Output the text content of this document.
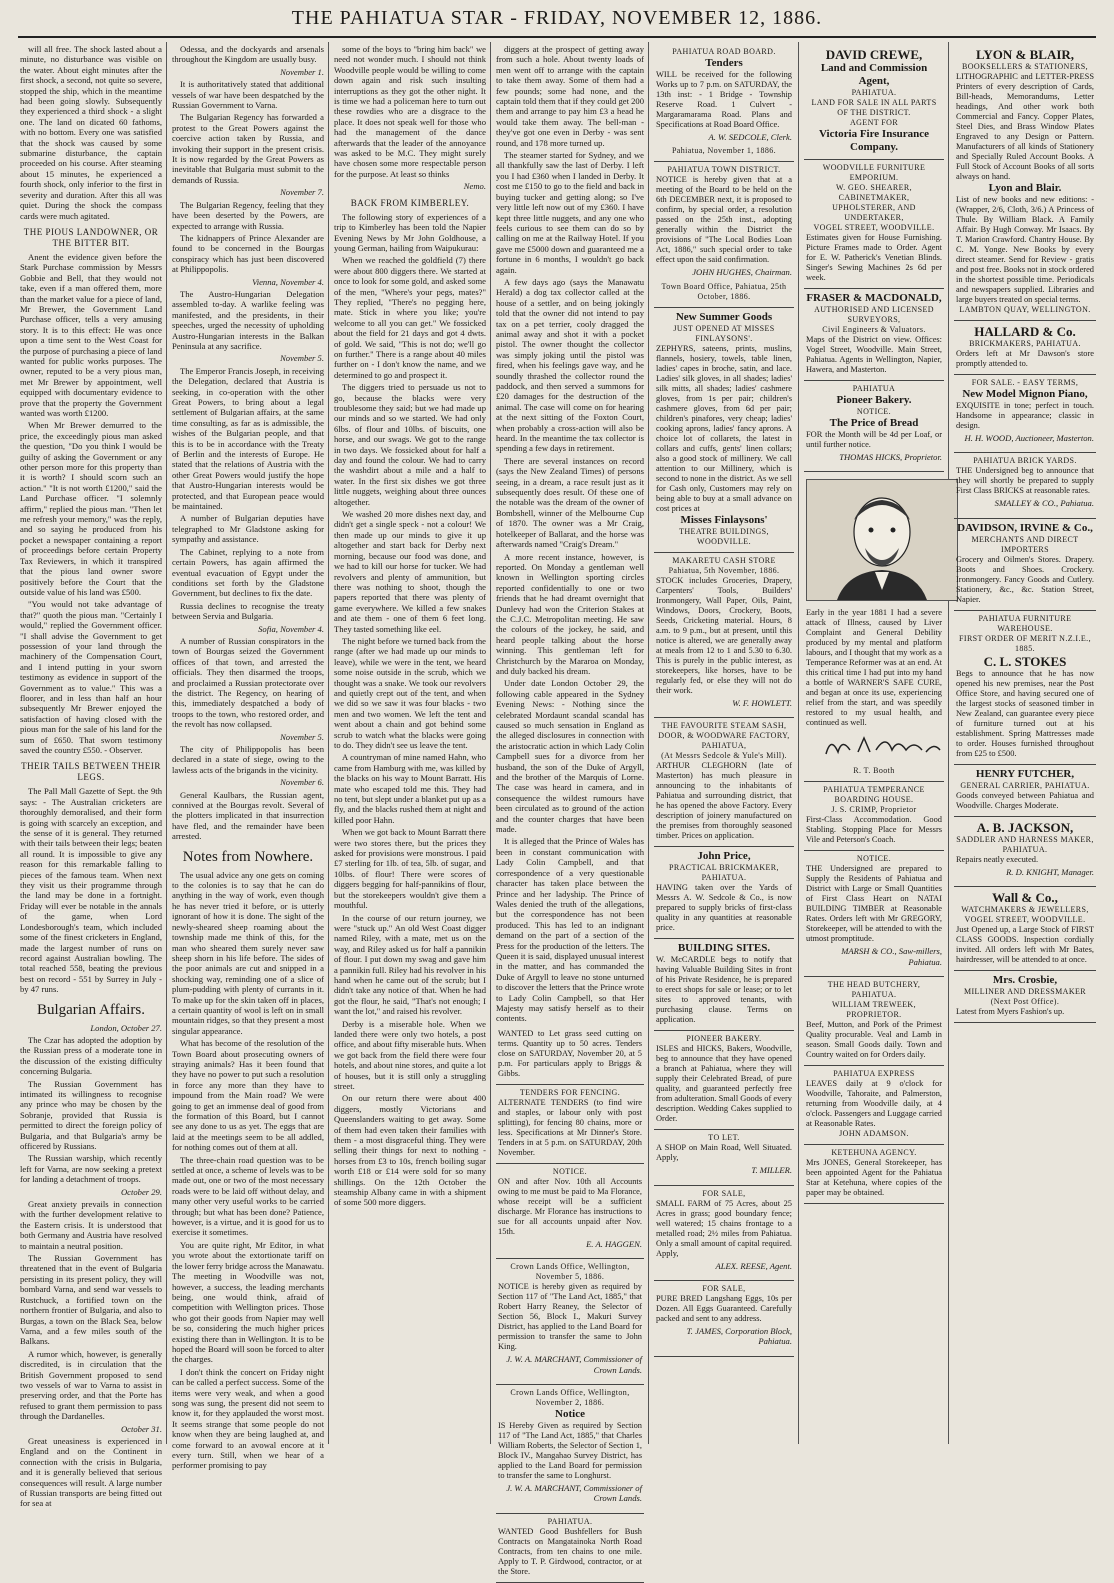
THE PAHIATUA STAR - FRIDAY, NOVEMBER 12, 1886.

will all free. The shock lasted about a minute, no disturbance was visible on the water. About eight minutes after the first shock, a second, not quite so severe, stopped the ship, which in the meantime had been going slowly. Subsequently they experienced a third shock - a slight one. The land on dicated 60 fathoms, with no bottom. Every one was satisfied that the shock was caused by some submarine disturbance, the captain proceeded on his course. After steaming about 15 minutes, he experienced a fourth shock, only inferior to the first in severity and duration. After this all was quiet. During the shock the compass cards were much agitated.

THE PIOUS LANDOWNER, OR THE BITTER BIT.

Anent the evidence given before the Stark Purchase commission by Messrs Gobbie and Bell, that they would not take, even if a man offered them, more than the market value for a piece of land, Mr Brewer, the Government Land Purchase officer, tells a very amusing story. It is to this effect: He was once upon a time sent to the West Coast for the purpose of purchasing a piece of land wanted for public works purposes. The owner, reputed to be a very pious man, met Mr Brewer by appointment, well equipped with documentary evidence to prove that the property the Government wanted was worth £1200.

When Mr Brewer demurred to the price, the exceedingly pious man asked the question, "Do you think I would be guilty of asking the Government or any other person more for this property than it is worth? I should scorn such an action." "It is not worth £1200," said the Land Purchase officer. "I solemnly affirm," replied the pious man. "Then let me refresh your memory," was the reply, and so saying he produced from his pocket a newspaper containing a report of proceedings before certain Property Tax Reviewers, in which it transpired that the pious land owner swore positively before the Court that the outside value of his land was £500.

"You would not take advantage of that?" quoth the pious man. "Certainly I would," replied the Government officer. "I shall advise the Government to get possession of your land through the machinery of the Compensation Court, and I intend putting in your sworn testimony as evidence in support of the Government as to value." This was a floorer, and in less than half an hour subsequently Mr Brewer enjoyed the satisfaction of having closed with the pious man for the sale of his land for the sum of £650. That sworn testimony saved the country £550. - Observer.

THEIR TAILS BETWEEN THEIR LEGS.

The Pall Mall Gazette of Sept. the 9th says: - The Australian cricketers are thoroughly demoralised, and their form is going with scarcely an exception, and the sense of it is general. They returned with their tails between their legs; beaten all round. It is impossible to give any reason for this remarkable falling to pieces of the famous team. When next they visit us their programme through the land may be done in a fortnight. Friday will ever be notable in the annals of the game, when Lord Londesborough's team, which included some of the finest cricketers in England, made the largest number of runs on record against Australian bowling. The total reached 558, beating the previous best on record - 551 by Surrey in July - by 47 runs.

Bulgarian Affairs.
London, October 27.

The Czar has adopted the adoption by the Russian press of a moderate tone in the discussion of the existing difficulty concerning Bulgaria.

The Russian Government has intimated its willingness to recognise any prince who may be chosen by the Sobranje, provided that Russia is permitted to direct the foreign policy of Bulgaria, and that Bulgaria's army be officered by Russians.

The Russian warship, which recently left for Varna, are now seeking a pretext for landing a detachment of troops.

October 29.

Great anxiety prevails in connection with the further development relative to the Eastern crisis. It is understood that both Germany and Austria have resolved to maintain a neutral position.

The Russian Government has threatened that in the event of Bulgaria persisting in its present policy, they will bombard Varna, and send war vessels to Rustchuck, a fortified town on the northern frontier of Bulgaria, and also to Burgas, a town on the Black Sea, below Varna, and a few miles south of the Balkans.

A rumor which, however, is generally discredited, is in circulation that the British Government proposed to send two vessels of war to Varna to assist in preserving order, and that the Porte has refused to grant them permission to pass through the Dardanelles.

October 31.

Great uneasiness is experienced in England and on the Continent in connection with the crisis in Bulgaria, and it is generally believed that serious consequences will result. A large number of Russian transports are being fitted out for sea at

Odessa, and the dockyards and arsenals throughout the Kingdom are usually busy.

November 1.

It is authoritatively stated that additional vessels of war have been despatched by the Russian Government to Varna.

The Bulgarian Regency has forwarded a protest to the Great Powers against the coercive action taken by Russia, and invoking their support in the present crisis. It is now regarded by the Great Powers as inevitable that Bulgaria must submit to the demands of Russia.

November 7.

The Bulgarian Regency, feeling that they have been deserted by the Powers, are expected to arrange with Russia.

The kidnappers of Prince Alexander are found to be concerned in the Bourgas conspiracy which has just been discovered at Philippopolis.

Vienna, November 4.

The Austro-Hungarian Delegation assembled to-day. A warlike feeling was manifested, and the presidents, in their speeches, urged the necessity of upholding Austro-Hungarian interests in the Balkan Peninsula at any sacrifice.

November 5.

The Emperor Francis Joseph, in receiving the Delegation, declared that Austria is seeking, in co-operation with the other Great Powers, to bring about a legal settlement of Bulgarian affairs, at the same time consulting, as far as is admissible, the wishes of the Bulgarian people, and that this is to be in accordance with the Treaty of Berlin and the interests of Europe. He stated that the relations of Austria with the other Great Powers would justify the hope that Austro-Hungarian interests would be protected, and that European peace would be maintained.

A number of Bulgarian deputies have telegraphed to Mr Gladstone asking for sympathy and assistance.

The Cabinet, replying to a note from certain Powers, has again affirmed the eventual evacuation of Egypt under the conditions set forth by the Gladstone Government, but declines to fix the date.

Russia declines to recognise the treaty between Servia and Bulgaria.

Sofia, November 4.

A number of Russian conspirators in the town of Bourgas seized the Government offices of that town, and arrested the officials. They then disarmed the troops, and proclaimed a Russian protectorate over the district. The Regency, on hearing of this, immediately despatched a body of troops to the town, who restored order, and the revolt has now collapsed.

November 5.

The city of Philippopolis has been declared in a state of siege, owing to the lawless acts of the brigands in the vicinity.

November 6.

General Kaulbars, the Russian agent, connived at the Bourgas revolt. Several of the plotters implicated in that insurrection have fled, and the remainder have been arrested.

Notes from Nowhere.

The usual advice any one gets on coming to the colonies is to say that he can do anything in the way of work, even though he has never tried it before, or is utterly ignorant of how it is done. The sight of the newly-sheared sheep roaming about the township made me think of this, for the man who sheared them surely never saw sheep shorn in his life before. The sides of the poor animals are cut and snipped in a shocking way, reminding one of a slice of plum-pudding with plenty of currants in it. To make up for the skin taken off in places, a certain quantity of wool is left on in small mountain ridges, so that they present a most singular appearance.

What has become of the resolution of the Town Board about prosecuting owners of straying animals? Has it been found that they have no power to put such a resolution in force any more than they have to impound from the Main road? We were going to get an immense deal of good from the formation of this Board, but I cannot see any done to us as yet. The eggs that are laid at the meetings seem to be all addled, for nothing comes out of them at all.

The three-chain road question was to be settled at once, a scheme of levels was to be made out, one or two of the most necessary roads were to be laid off without delay, and many other very useful works to be carried through; but what has been done? Patience, however, is a virtue, and it is good for us to exercise it sometimes.

You are quite right, Mr Editor, in what you wrote about the extortionate tariff on the lower ferry bridge across the Manawatu. The meeting in Woodville was not, however, a success, the leading merchants being, one would think, afraid of competition with Wellington prices. Those who got their goods from Napier may well be so, considering the much higher prices existing there than in Wellington. It is to be hoped the Board will soon be forced to alter the charges.

I don't think the concert on Friday night can be called a perfect success. Some of the items were very weak, and when a good song was sung, the present did not seem to know it, for they applauded the worst most. It seems strange that some people do not know when they are being laughed at, and come forward to an avowal encore at it every turn. Still, when we hear of a performer promising to pay

some of the boys to "bring him back" we need not wonder much. I should not think Woodville people would be willing to come down again and risk such insulting interruptions as they got the other night. It is time we had a policeman here to turn out these rowdies who are a disgrace to the place. It does not speak well for those who had the management of the dance afterwards that the leader of the annoyance was asked to be M.C. They might surely have chosen some more respectable person for the purpose. At least so thinks

Nemo.
BACK FROM KIMBERLEY.

The following story of experiences of a trip to Kimberley has been told the Napier Evening News by Mr John Goldhouse, a young German, hailing from Waipukurau:

When we reached the goldfield (7) there were about 800 diggers there. We started at once to look for some gold, and asked some of the men, "Where's your pegs, mates?" They replied, "There's no pegging here, mate. Stick in where you like; you're welcome to all you can get." We fossicked about the field for 21 days and got 4 dwts. of gold. We said, "This is not do; we'll go on further." There is a range about 40 miles further on - I don't know the name, and we determined to go and prospect it.

The diggers tried to persuade us not to go, because the blacks were very troublesome they said; but we had made up our minds and so we started. We had only 6lbs. of flour and 10lbs. of biscuits, one horse, and our swags. We got to the range in two days. We fossicked about for half a day and found the colour. We had to carry the washdirt about a mile and a half to water. In the first six dishes we got three little nuggets, weighing about three ounces altogether.

We washed 20 more dishes next day, and didn't get a single speck - not a colour! We then made up our minds to give it up altogether and start back for Derby next morning, because our food was done, and we had to kill our horse for tucker. We had revolvers and plenty of ammunition, but there was nothing to shoot, though the papers reported that there was plenty of game everywhere. We killed a few snakes and ate them - one of them 6 feet long. They tasted something like eel.

The night before we turned back from the range (after we had made up our minds to leave), while we were in the tent, we heard some noise outside in the scrub, which we thought was a snake. We took our revolvers and quietly crept out of the tent, and when we did so we saw it was four blacks - two men and two women. We left the tent and went about a chain and got behind some scrub to watch what the blacks were going to do. They didn't see us leave the tent.

A countryman of mine named Hahn, who came from Hamburg with me, was killed by the blacks on his way to Mount Barratt. His mate who escaped told me this. They had no tent, but slept under a blanket put up as a fly, and the blacks rushed them at night and killed poor Hahn.

When we got back to Mount Barratt there were two stores there, but the prices they asked for provisions were monstrous. I paid £7 sterling for 1lb. of tea, 5lb. of sugar, and 10lbs. of flour! There were scores of diggers begging for half-pannikins of flour, but the storekeepers wouldn't give them a mouthful.

In the course of our return journey, we were "stuck up." An old West Coast digger named Riley, with a mate, met us on the way, and Riley asked us for half a pannikin of flour. I put down my swag and gave him a pannikin full. Riley had his revolver in his hand when he came out of the scrub; but I didn't take any notice of that. When he had got the flour, he said, "That's not enough; I want the lot," and raised his revolver.

Derby is a miserable hole. When we landed there were only two hotels, a post office, and about fifty miserable huts. When we got back from the field there were four hotels, and about nine stores, and quite a lot of houses, but it is still only a struggling street.

On our return there were about 400 diggers, mostly Victorians and Queenslanders waiting to get away. Some of them had even taken their families with them - a most disgraceful thing. They were selling their things for next to nothing - horses from £3 to 10s, french boiling sugar worth £18 or £14 were sold for so many shillings. On the 12th October the steamship Albany came in with a shipment of some 500 more diggers.

diggers at the prospect of getting away from such a hole. About twenty loads of men went off to arrange with the captain to take them away. Some of them had a few pounds; some had none, and the captain told them that if they could get 200 them and arrange to pay him £3 a head he would take them away. The bell-man - they've got one even in Derby - was sent round, and 178 more turned up.

The steamer started for Sydney, and we all thankfully saw the last of Derby. I left you I had £360 when I landed in Derby. It cost me £150 to go to the field and back in buying tucker and getting along; so I've very little left now out of my £360. I have kept three little nuggets, and any one who feels curious to see them can do so by calling on me at the Railway Hotel. If you gave me £5000 down and guaranteed me a fortune in 6 months, I wouldn't go back again.

A few days ago (says the Manawatu Herald) a dog tax collector called at the house of a settler, and on being jokingly told that the owner did not intend to pay tax on a pet terrier, cooly dragged the animal away and shot it with a pocket pistol. The owner thought the collector was simply joking until the pistol was fired, when his feelings gave way, and he soundly thrashed the collector round the paddock, and then served a summons for £20 damages for the destruction of the animal. The case will come on for hearing at the next sitting of the Foxton Court, when probably a cross-action will also be heard. In the meantime the tax collector is spending a few days in retirement.

There are several instances on record (says the New Zealand Times) of persons seeing, in a dream, a race result just as it subsequently does result. Of these one of the notable was the dream of the owner of Bombshell, winner of the Melbourne Cup of 1870. The owner was a Mr Craig, hotelkeeper of Ballarat, and the horse was afterwards named "Craig's Dream."

A more recent instance, however, is reported. On Monday a gentleman well known in Wellington sporting circles reported confidentially to one or two friends that he had dreamt overnight that Dunlevy had won the Criterion Stakes at the C.J.C. Metropolitan meeting. He saw the colours of the jockey, he said, and heard people talking about the horse winning. This gentleman left for Christchurch by the Mararoa on Monday, and duly backed his dream.

Under date London October 29, the following cable appeared in the Sydney Evening News: - Nothing since the celebrated Mordaunt scandal scandal has caused so much sensation in England as the alleged disclosures in connection with the aristocratic action in which Lady Colin Campbell sues for a divorce from her husband, the son of the Duke of Argyll, and the brother of the Marquis of Lorne. The case was heard in camera, and in consequence the wildest rumours have been circulated as to ground of the action and the counter charges that have been made.

It is alleged that the Prince of Wales has been in constant communication with Lady Colin Campbell, and that correspondence of a very questionable character has taken place between the Prince and her ladyship. The Prince of Wales denied the truth of the allegations, but the correspondence has not been produced. This has led to an indignant demand on the part of a section of the Press for the production of the letters. The Queen it is said, displayed unusual interest in the matter, and has commanded the Duke of Argyll to leave no stone unturned to discover the letters that the Prince wrote to Lady Colin Campbell, so that Her Majesty may satisfy herself as to their contents.

WANTED to Let grass seed cutting on terms. Quantity up to 50 acres. Tenders close on SATURDAY, November 20, at 5 p.m. For particulars apply to Briggs & Gibbs.
TENDERS FOR FENCING.
ALTERNATE TENDERS (to find wire and staples, or labour only with post splitting), for fencing 80 chains, more or less. Specifications at Mr Dinner's Store. Tenders in at 5 p.m. on SATURDAY, 20th November.
NOTICE.
ON and after Nov. 10th all Accounts owing to me must be paid to Ma Florance, whose receipt will be a sufficient discharge. Mr Florance has instructions to sue for all accounts unpaid after Nov. 15th.
E. A. HAGGEN.
Crown Lands Office, Wellington, November 5, 1886.
NOTICE is hereby given as required by Section 117 of "The Land Act, 1885," that Robert Harry Reaney, the Selector of Section 56, Block I., Makuri Survey District, has applied to the Land Board for permission to transfer the same to John King.
J. W. A. MARCHANT, Commissioner of Crown Lands.
Crown Lands Office, Wellington, November 2, 1886.
Notice
IS Hereby Given as required by Section 117 of "The Land Act, 1885," that Charles William Roberts, the Selector of Section 1, Block IV., Mangahao Survey District, has applied to the Land Board for permission to transfer the same to Longhurst.
J. W. A. MARCHANT, Commissioner of Crown Lands.
PAHIATUA.
WANTED Good Bushfellers for Bush Contracts on Mangatainoka North Road Contracts, from ten chains to one mile. Apply to T. P. Girdwood, contractor, or at the Store.
PAHIATUA ROAD BOARD.
Tenders
WILL be received for the following Works up to 7 p.m. on SATURDAY, the 13th inst: - 1 Bridge - Township Reserve Road. 1 Culvert - Margaramarama Road. Plans and Specifications at Road Board Office.
A. W. SEDCOLE, Clerk.
Pahiatua, November 1, 1886.
PAHIATUA TOWN DISTRICT.
NOTICE is hereby given that at a meeting of the Board to be held on the 6th DECEMBER next, it is proposed to confirm, by special order, a resolution passed on the 25th inst., adopting generally within the District the provisions of "The Local Bodies Loan Act, 1886," such special order to take effect upon the said confirmation.
JOHN HUGHES, Chairman.
Town Board Office, Pahiatua, 25th October, 1886.
New Summer Goods
JUST OPENED AT MISSES FINLAYSONS'.
ZEPHYRS, sateens, prints, muslins, flannels, hosiery, towels, table linen, ladies' capes in broche, satin, and lace. Ladies' silk gloves, in all shades; ladies' silk mitts, all shades; ladies' cashmere gloves, from 1s per pair; children's cashmere gloves, from 6d per pair; children's pinafores, very cheap; ladies' cooking aprons, ladies' fancy aprons. A choice lot of collarets, the latest in collars and cuffs, gents' linen collars; also a good stock of millinery. We call attention to our Millinery, which is second to none in the district. As we sell for Cash only, Customers may rely on being able to buy at a small advance on cost prices at
Misses Finlaysons'
THEATRE BUILDINGS, WOODVILLE.
MAKARETU CASH STORE
Pahiatua, 5th November, 1886.
STOCK includes Groceries, Drapery, Carpenters' Tools, Builders' Ironmongery, Wall Paper, Oils, Paint, Windows, Doors, Crockery, Boots, Seeds, Cricketing material. Hours, 8 a.m. to 9 p.m., but at present, until this notice is altered, we are generally away at meals from 12 to 1 and 5.30 to 6.30. This is purely in the public interest, as storekeepers, like horses, have to be regularly fed, or else they will not do their work.
W. F. HOWLETT.
THE FAVOURITE STEAM SASH, DOOR, & WOODWARE FACTORY, PAHIATUA,
(At Messrs Sedcole & Yule's Mill).
ARTHUR CLEGHORN (late of Masterton) has much pleasure in announcing to the inhabitants of Pahiatua and surrounding district, that he has opened the above Factory. Every description of joinery manufactured on the premises from thoroughly seasoned timber. Prices on application.
John Price,
PRACTICAL BRICKMAKER, PAHIATUA.
HAVING taken over the Yards of Messrs A. W. Sedcole & Co., is now prepared to supply bricks of first-class quality in any quantities at reasonable price.
BUILDING SITES.
W. McCARDLE begs to notify that having Valuable Building Sites in front of his Private Residence, he is prepared to erect shops for sale or lease; or to let sites to approved tenants, with purchasing clause. Terms on application.
PIONEER BAKERY.
ISLES and HICKS, Bakers, Woodville, beg to announce that they have opened a branch at Pahiatua, where they will supply their Celebrated Bread, of pure quality, and guaranteed perfectly free from adulteration. Small Goods of every description. Wedding Cakes supplied to Order.
TO LET.
A SHOP on Main Road, Well Situated. Apply,
T. MILLER.
FOR SALE,
SMALL FARM of 75 Acres, about 25 Acres in grass; good boundary fence; well watered; 15 chains frontage to a metalled road; 2½ miles from Pahiatua. Only a small amount of capital required. Apply,
ALEX. REESE, Agent.
FOR SALE,
PURE BRED Langshang Eggs, 10s per Dozen. All Eggs Guaranteed. Carefully packed and sent to any address.
T. JAMES, Corporation Block, Pahiatua.
DAVID CREWE,
Land and Commission Agent,
PAHIATUA.
LAND FOR SALE IN ALL PARTS OF THE DISTRICT.
AGENT FOR
Victoria Fire Insurance Company.
WOODVILLE FURNITURE EMPORIUM.
W. GEO. SHEARER,
CABINETMAKER, UPHOLSTERER, AND UNDERTAKER,
VOGEL STREET, WOODVILLE.
Estimates given for House Furnishing. Picture Frames made to Order. Agent for E. W. Patherick's Venetian Blinds. Singer's Sewing Machines 2s 6d per week.
FRASER & MACDONALD,
AUTHORISED AND LICENSED SURVEYORS,
Civil Engineers & Valuators.
Maps of the District on view. Offices: Vogel Street, Woodville. Main Street, Pahiatua. Agents in Wellington, Napier, Hawera, and Masterton.
PAHIATUA
Pioneer Bakery.
NOTICE.
The Price of Bread
FOR the Month will be 4d per Loaf, or until further notice.
THOMAS HICKS, Proprietor.
Early in the year 1881 I had a severe attack of Illness, caused by Liver Complaint and General Debility produced by my mental and platform labours, and I thought that my work as a Temperance Reformer was at an end. At this critical time I had put into my hand a bottle of WARNER'S SAFE CURE, and began at once its use, experiencing relief from the start, and was speedily restored to my usual health, and continued as well.
R. T. Booth
PAHIATUA TEMPERANCE BOARDING HOUSE.
J. S. CRIMP, Proprietor
First-Class Accommodation. Good Stabling. Stopping Place for Messrs Vile and Peterson's Coach.
NOTICE.
THE Undersigned are prepared to Supply the Residents of Pahiatua and District with Large or Small Quantities of First Class Heart on NATAI BUILDING TIMBER at Reasonable Rates. Orders left with Mr GREGORY, Storekeeper, will be attended to with the utmost promptitude.
MARSH & CO., Saw-millers, Pahiatua.
THE HEAD BUTCHERY, PAHIATUA.
WILLIAM TREWEEK,
PROPRIETOR.
Beef, Mutton, and Pork of the Primest Quality procurable. Veal and Lamb in season. Small Goods daily. Town and Country waited on for Orders daily.
PAHIATUA EXPRESS
LEAVES daily at 9 o'clock for Woodville, Tahoraite, and Palmerston, returning from Woodville daily, at 4 o'clock. Passengers and Luggage carried at Reasonable Rates.
JOHN ADAMSON.
KETEHUNA AGENCY.
Mrs JONES, General Storekeeper, has been appointed Agent for the Pahiatua Star at Ketehuna, where copies of the paper may be obtained.
LYON & BLAIR,
BOOKSELLERS & STATIONERS,
LITHOGRAPHIC and LETTER-PRESS Printers of every description of Cards, Bill-heads, Memorandums, Letter headings, And other work both Commercial and Fancy. Copper Plates, Steel Dies, and Brass Window Plates Engraved to any Design or Pattern. Manufacturers of all kinds of Stationery and Specially Ruled Account Books. A Full Stock of Account Books of all sorts always on hand.
Lyon and Blair.
List of new books and new editions: - (Wrapper, 2/6, Cloth, 3/6.) A Princess of Thule. By William Black. A Family Affair. By Hugh Conway. Mr Isaacs. By T. Marion Crawford. Chantry House. By C. M. Yonge. New Books by every direct steamer. Send for Review - gratis and post free. Books not in stock ordered in the shortest possible time. Periodicals and newspapers supplied. Libraries and large buyers treated on special terms.
LAMBTON QUAY, WELLINGTON.
HALLARD & Co.
BRICKMAKERS, PAHIATUA.
Orders left at Mr Dawson's store promptly attended to.
FOR SALE. - EASY TERMS,
New Model Mignon Piano,
EXQUISITE in tone; perfect in touch. Handsome in appearance; classic in design.
H. H. WOOD, Auctioneer, Masterton.
PAHIATUA BRICK YARDS.
THE Undersigned beg to announce that they will shortly be prepared to supply First Class BRICKS at reasonable rates.
SMALLEY & CO., Pahiatua.
DAVIDSON, IRVINE & Co.,
MERCHANTS AND DIRECT IMPORTERS
Grocery and Oilmen's Stores. Drapery. Boots and Shoes. Crockery. Ironmongery. Fancy Goods and Cutlery. Stationery, &c., &c. Station Street, Napier.
PAHIATUA FURNITURE WAREHOUSE.
FIRST ORDER OF MERIT N.Z.I.E., 1885.
C. L. STOKES
Begs to announce that he has now opened his new premises, near the Post Office Store, and having secured one of the largest stocks of seasoned timber in New Zealand, can guarantee every piece of furniture turned out at his establishment. Spring Mattresses made to order. Houses furnished throughout from £25 to £500.
HENRY FUTCHER,
GENERAL CARRIER, PAHIATUA.
Goods conveyed between Pahiatua and Woodville. Charges Moderate.
A. B. JACKSON,
SADDLER AND HARNESS MAKER, PAHIATUA.
Repairs neatly executed.
R. D. KNIGHT, Manager.
Wall & Co.,
WATCHMAKERS & JEWELLERS, VOGEL STREET, WOODVILLE.
Just Opened up, a Large Stock of FIRST CLASS GOODS. Inspection cordially invited. All orders left with Mr Bates, hairdresser, will be attended to at once.
Mrs. Crosbie,
MILLINER AND DRESSMAKER (Next Post Office).
Latest from Myers Fashion's up.
